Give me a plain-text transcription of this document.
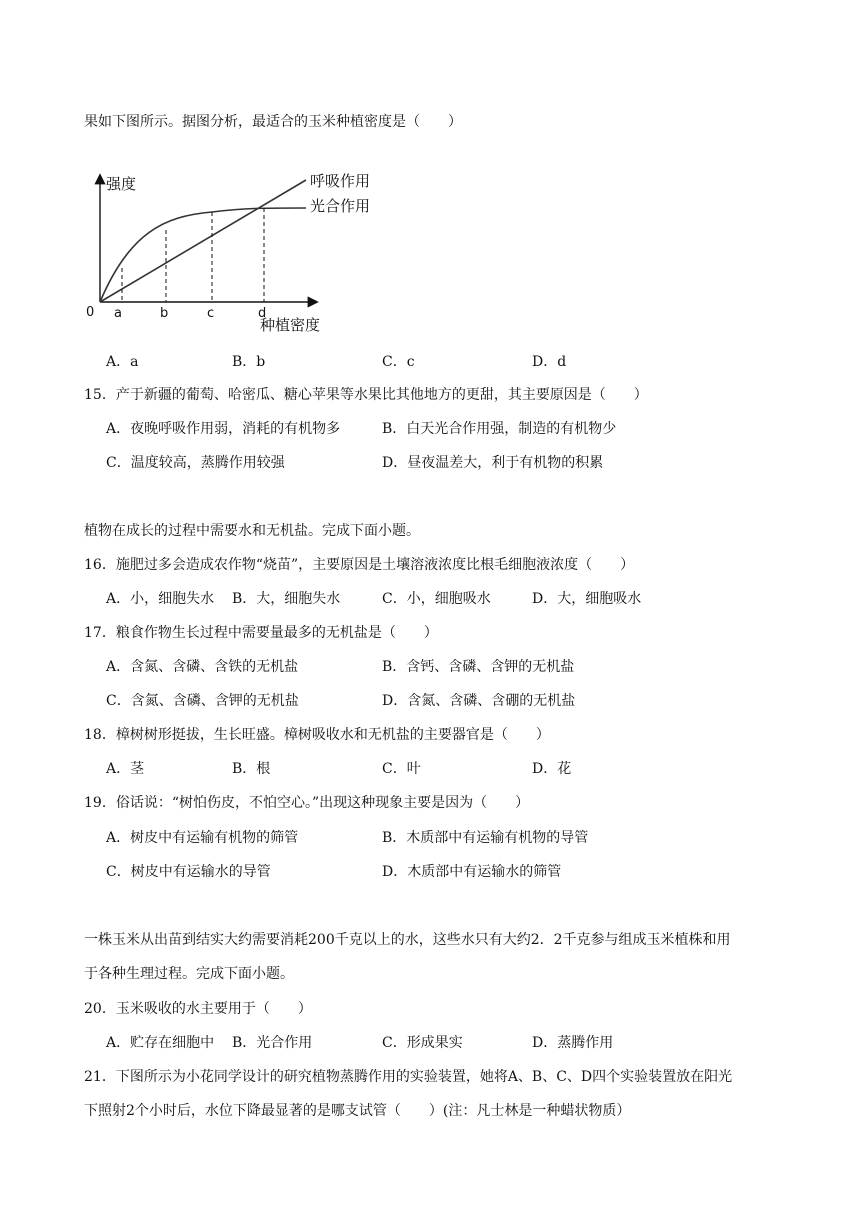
果如下图所示。据图分析，最适合的玉米种植密度是（　　）
强度
0 a	b	c	d
种植密度
呼吸作用
光合作用
A．a	B．b	C．c	D．d
15．产于新疆的葡萄、哈密瓜、糖心苹果等水果比其他地方的更甜，其主要原因是（　　）
A．夜晚呼吸作用弱，消耗的有机物多	B．白天光合作用强，制造的有机物少
C．温度较高，蒸腾作用较强	D．昼夜温差大，利于有机物的积累
植物在成长的过程中需要水和无机盐。完成下面小题。
16．施肥过多会造成农作物“烧苗”，主要原因是土壤溶液浓度比根毛细胞液浓度（　　）
A．小，细胞失水 B．大，细胞失水	C．小，细胞吸水	D．大，细胞吸水
17．粮食作物生长过程中需要量最多的无机盐是（　　）
A．含氮、含磷、含铁的无机盐	B．含钙、含磷、含钾的无机盐
C．含氮、含磷、含钾的无机盐	D．含氮、含磷、含硼的无机盐
18．樟树树形挺拔，生长旺盛。樟树吸收水和无机盐的主要器官是（　　）
A．茎	B．根	C．叶	D．花
19．俗话说：“树怕伤皮，不怕空心。”出现这种现象主要是因为（　　）
A．树皮中有运输有机物的筛管	B．木质部中有运输有机物的导管
C．树皮中有运输水的导管	D．木质部中有运输水的筛管
一株玉米从出苗到结实大约需要消耗200千克以上的水，这些水只有大约2．2千克参与组成玉米植株和用
于各种生理过程。完成下面小题。
20．玉米吸收的水主要用于（　　）
A．贮存在细胞中 B．光合作用	C．形成果实	D．蒸腾作用
21．下图所示为小花同学设计的研究植物蒸腾作用的实验装置，她将A、B、C、D四个实验装置放在阳光
下照射2个小时后，水位下降最显著的是哪支试管（　　）(注：凡士林是一种蜡状物质）
